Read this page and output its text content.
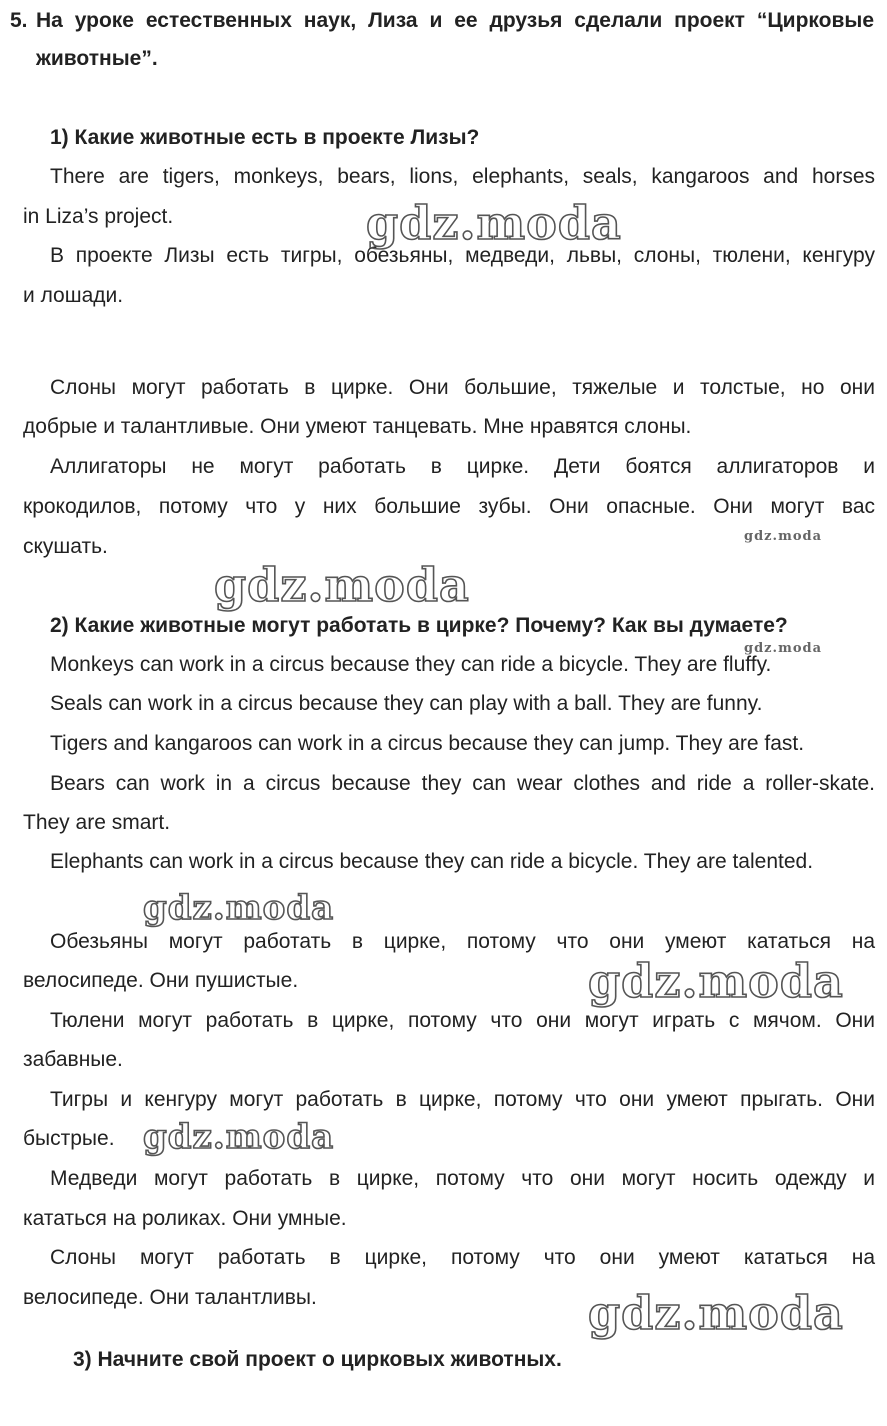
5. На уроке естественных наук, Лиза и ее друзья сделали проект “Цирковые
животные”.
1) Какие животные есть в проекте Лизы?
There are tigers, monkeys, bears, lions, elephants, seals, kangaroos and horses
in Liza’s project.
В проекте Лизы есть тигры, обезьяны, медведи, львы, слоны, тюлени, кенгуру
и лошади.
Слоны могут работать в цирке. Они большие, тяжелые и толстые, но они
добрые и талантливые. Они умеют танцевать. Мне нравятся слоны.
Аллигаторы не могут работать в цирке. Дети боятся аллигаторов и
крокодилов, потому что у них большие зубы. Они опасные. Они могут вас
скушать.
2) Какие животные могут работать в цирке? Почему? Как вы думаете?
Monkeys can work in a circus because they can ride a bicycle. They are fluffy.
Seals can work in a circus because they can play with a ball. They are funny.
Tigers and kangaroos can work in a circus because they can jump. They are fast.
Bears can work in a circus because they can wear clothes and ride a roller-skate.
They are smart.
Elephants can work in a circus because they can ride a bicycle. They are talented.
Обезьяны могут работать в цирке, потому что они умеют кататься на
велосипеде. Они пушистые.
Тюлени могут работать в цирке, потому что они могут играть с мячом. Они
забавные.
Тигры и кенгуру могут работать в цирке, потому что они умеют прыгать. Они
быстрые.
Медведи могут работать в цирке, потому что они могут носить одежду и
кататься на роликах. Они умные.
Слоны могут работать в цирке, потому что они умеют кататься на
велосипеде. Они талантливы.
3) Начните свой проект о цирковых животных.
gdz.moda
gdz.moda
gdz.moda
gdz.moda
gdz.moda
gdz.moda
gdz.moda
gdz.moda
